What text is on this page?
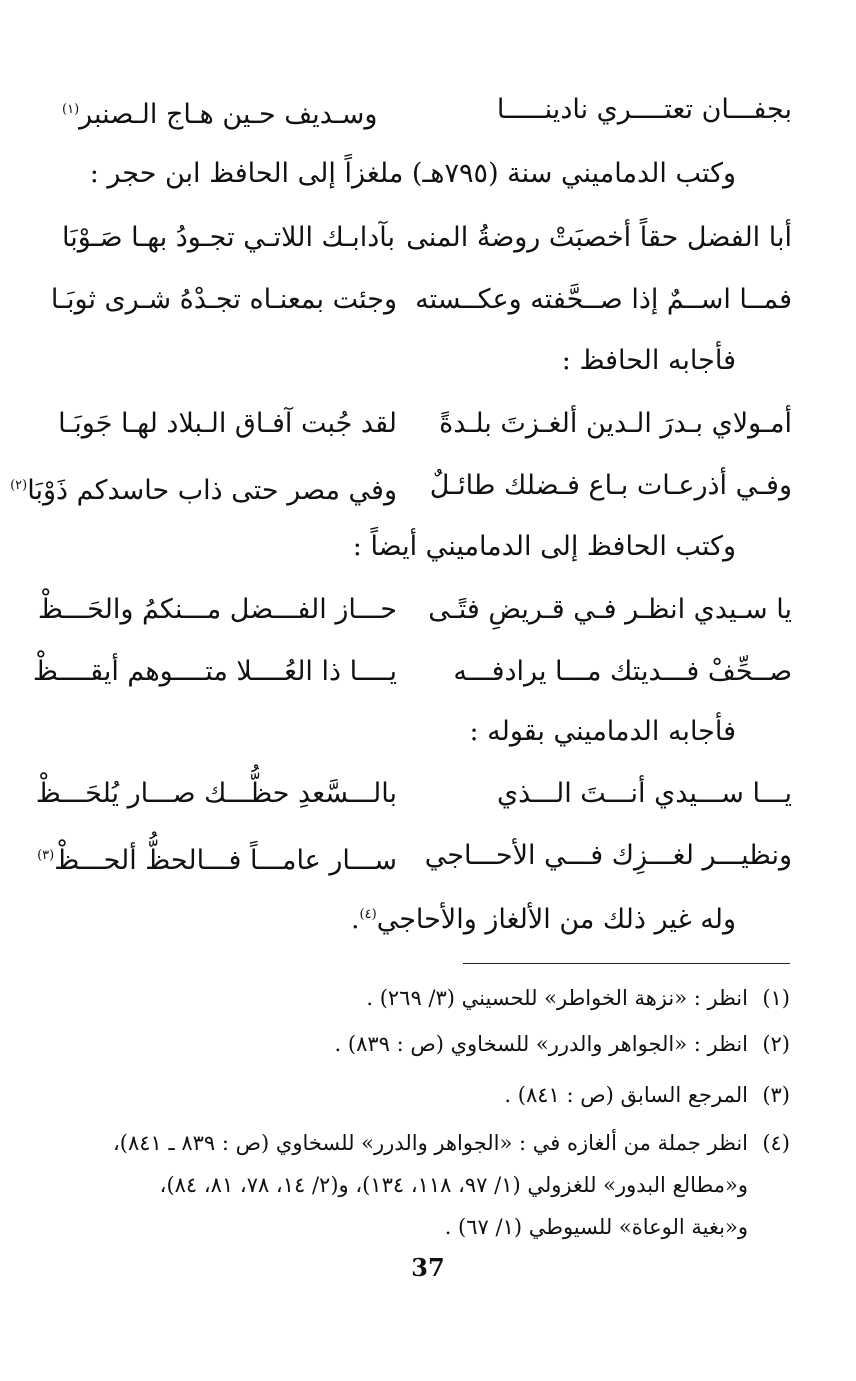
بجفـــان تعتــــري نادينـــــا
وسـديف حـين هـاج الـصنبر$^{(١)}$
وكتب الدماميني سنة (٧٩٥هـ) ملغزاً إلى الحافظ ابن حجر :
أبا الفضل حقاً أخصبَتْ روضةُ المنى
بآدابـك اللاتـي تجـودُ بهـا صَـوْبَا
فمــا اســمٌ إذا صــحَّفته وعكــسته
وجئت بمعنـاه تجـدْهُ شـرى ثوبَـا
فأجابه الحافظ :
أمـولاي بـدرَ الـدين ألغـزتَ بلـدةً
لقد جُبت آفـاق الـبلاد لهـا جَوبَـا
وفـي أذرعـات بـاع فـضلك طائـلٌ
وفي مصر حتى ذاب حاسدكم ذَوْبَا$^{(٢)}$
وكتب الحافظ إلى الدماميني أيضاً :
يا سـيدي انظـر فـي قـريضِ فتًـى
حـــاز الفـــضل مـــنكمُ والحَـــظْ
صــحِّفْ فـــديتك مـــا يرادفـــه
يــــا ذا العُــــلا متــــوهم أيقــــظْ
فأجابه الدماميني بقوله :
يـــا ســـيدي أنـــتَ الـــذي
بالـــسَّعدِ حظُّـــك صـــار يُلحَـــظْ
ونظيـــر لغـــزِك فـــي الأحـــاجي
ســـار عامـــاً فـــالحظُّ ألحـــظْ$^{(٣)}$
وله غير ذلك من الألغاز والأحاجي$^{(٤)}$.
(١)انظر : «نزهة الخواطر» للحسيني (٣/ ٢٦٩) .
(٢)انظر : «الجواهر والدرر» للسخاوي (ص : ٨٣٩) .
(٣)المرجع السابق (ص : ٨٤١) .
(٤)انظر جملة من ألغازه في : «الجواهر والدرر» للسخاوي (ص : ٨٣٩ ـ ٨٤١)،
و«مطالع البدور» للغزولي (١/ ٩٧، ١١٨، ١٣٤)، و(٢/ ١٤، ٧٨، ٨١، ٨٤)،
و«بغية الوعاة» للسيوطي (١/ ٦٧) .
37
